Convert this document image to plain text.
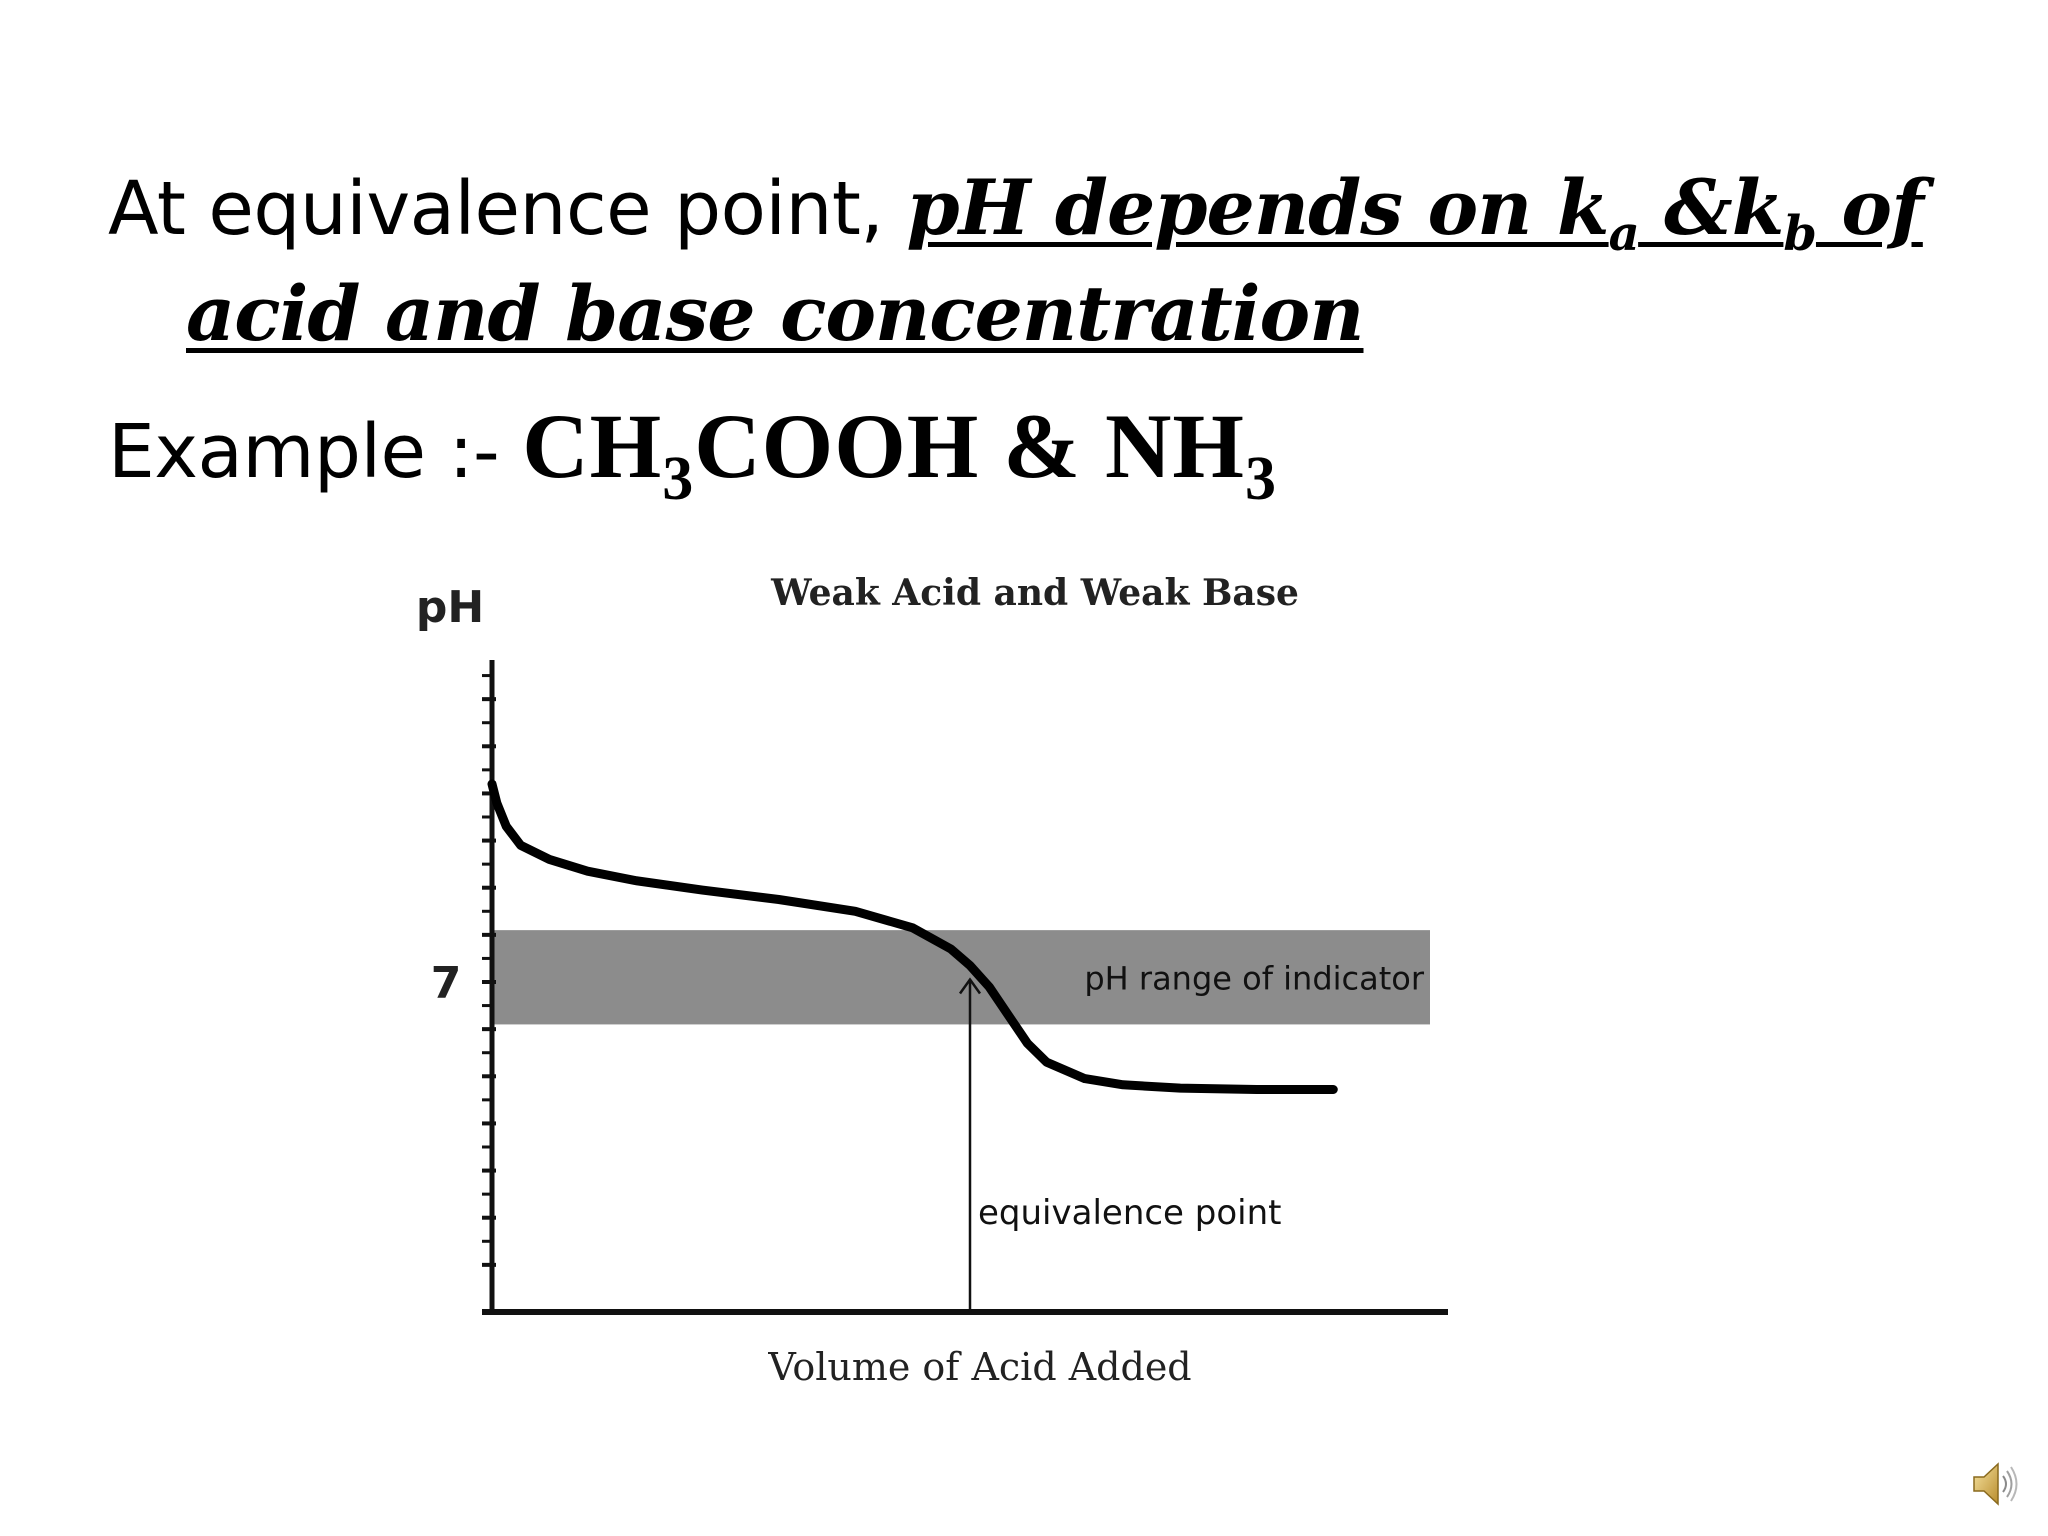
At equivalence point, pH depends on $k_a$ $\&k_b$ of
acid and base concentration
Example :- $CH_3COOH$ & $NH_3$
Weak Acid and Weak Base
pH
pH range of indicator
7
equivalence point
Volume of Acid Added
